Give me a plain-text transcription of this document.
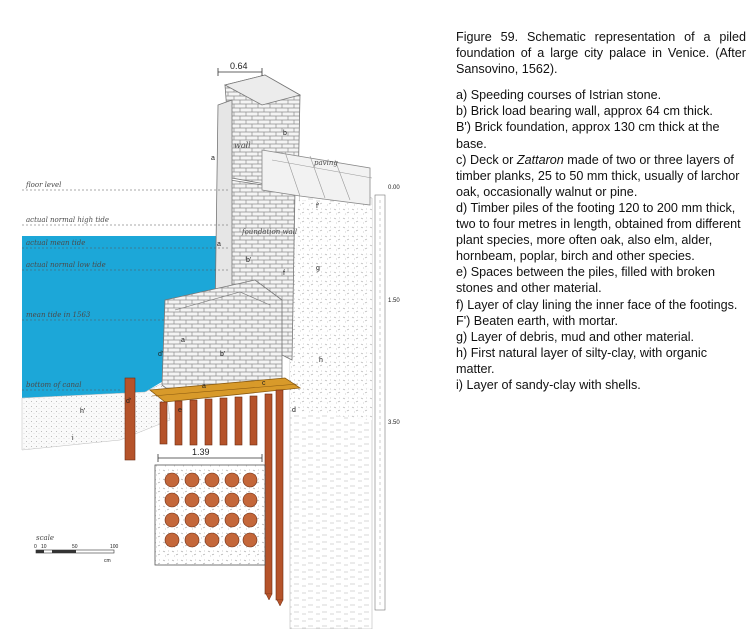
1.39
0.64
0.00
1.50
3.50
floor level
actual normal high tide
actual mean tide
actual normal low tide
mean tide in 1563
bottom of canal
wall
paving
foundation wall
a
a
a
a
b
b'
b'
c
d
d'
d'
e
f
f'
g
h
h'
i
scale
0 10	50	100
cm

Figure 59. Schematic representation of a piled foundation of a large city palace in Venice. (After Sansovino, 1562).

a) Speeding courses of Istrian stone.

b) Brick load bearing wall, approx 64 cm thick.

B') Brick foundation, approx 130 cm thick at the base.

c) Deck or Zattaron made of two or three layers of timber planks, 25 to 50 mm thick, usually of larchor oak, occasionally walnut or pine.

d) Timber piles of the footing 120 to 200 mm thick, two to four metres in length, obtained from different plant species, more often oak, also elm, alder, hornbeam, poplar, birch and other species.

e) Spaces between the piles, filled with broken stones and other material.

f) Layer of clay lining the inner face of the footings.

F') Beaten earth, with mortar.

g) Layer of debris, mud and other material.

h) First natural layer of silty-clay, with organic matter.

i) Layer of sandy-clay with shells.
